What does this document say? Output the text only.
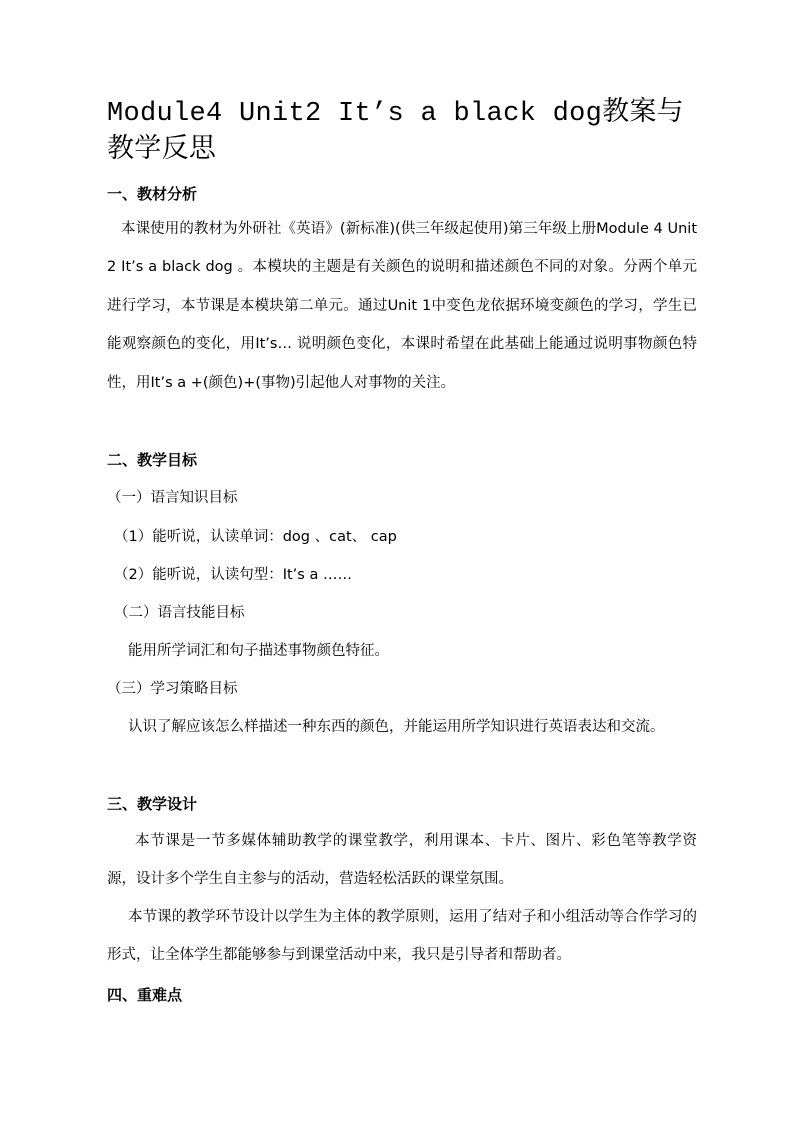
Module4 Unit2 It’s a black dog教案与教学反思
一、教材分析

本课使用的教材为外研社《英语》(新标准)(供三年级起使用)第三年级上册Module 4 Unit 2 It’s a black dog 。本模块的主题是有关颜色的说明和描述颜色不同的对象。分两个单元进行学习，本节课是本模块第二单元。通过Unit 1中变色龙依据环境变颜色的学习，学生已能观察颜色的变化，用It’s… 说明颜色变化，本课时希望在此基础上能通过说明事物颜色特性，用It’s a +(颜色)+(事物)引起他人对事物的关注。

二、教学目标
（一）语言知识目标
（1）能听说，认读单词：dog 、cat、 cap
（2）能听说，认读句型：It’s a ……
（二）语言技能目标
能用所学词汇和句子描述事物颜色特征。
（三）学习策略目标

认识了解应该怎么样描述一种东西的颜色，并能运用所学知识进行英语表达和交流。

三、教学设计

本节课是一节多媒体辅助教学的课堂教学，利用课本、卡片、图片、彩色笔等教学资源，设计多个学生自主参与的活动，营造轻松活跃的课堂氛围。

本节课的教学环节设计以学生为主体的教学原则，运用了结对子和小组活动等合作学习的形式，让全体学生都能够参与到课堂活动中来，我只是引导者和帮助者。

四、重难点
